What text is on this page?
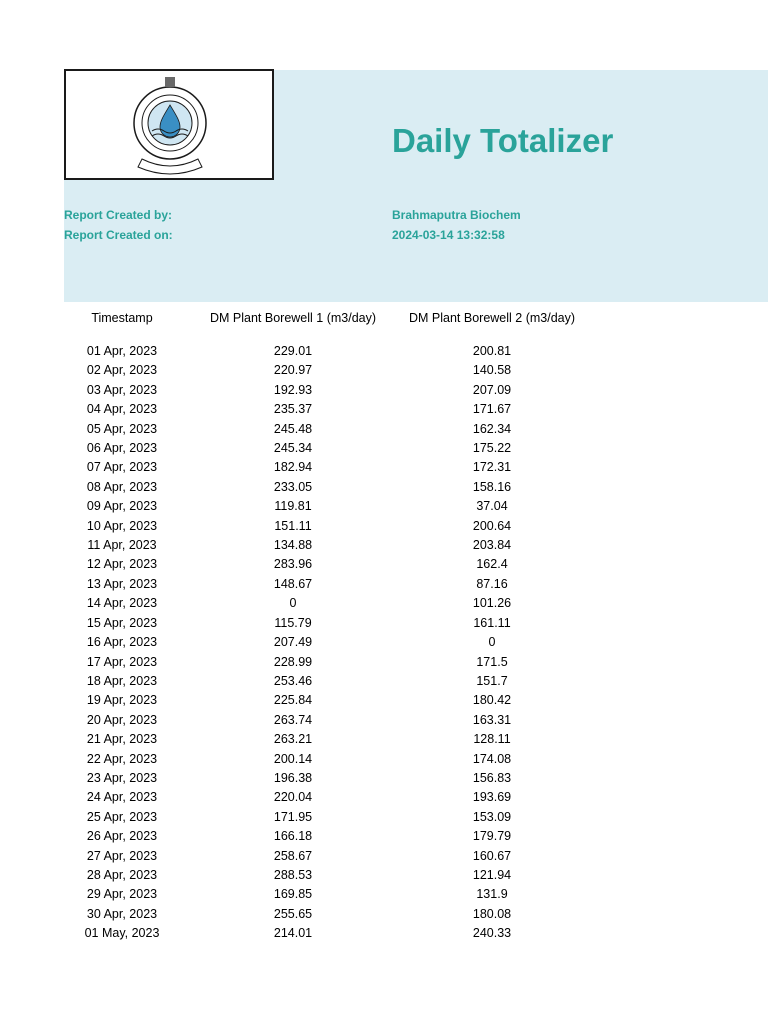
Daily Totalizer
Report Created by:	Brahmaputra Biochem
Report Created on:	2024-03-14 13:32:58
Timestamp	DM Plant Borewell 1 (m3/day)	DM Plant Borewell 2 (m3/day)
01 Apr, 2023	229.01	200.81
02 Apr, 2023	220.97	140.58
03 Apr, 2023	192.93	207.09
04 Apr, 2023	235.37	171.67
05 Apr, 2023	245.48	162.34
06 Apr, 2023	245.34	175.22
07 Apr, 2023	182.94	172.31
08 Apr, 2023	233.05	158.16
09 Apr, 2023	119.81	37.04
10 Apr, 2023	151.11	200.64
11 Apr, 2023	134.88	203.84
12 Apr, 2023	283.96	162.4
13 Apr, 2023	148.67	87.16
14 Apr, 2023	0	101.26
15 Apr, 2023	115.79	161.11
16 Apr, 2023	207.49	0
17 Apr, 2023	228.99	171.5
18 Apr, 2023	253.46	151.7
19 Apr, 2023	225.84	180.42
20 Apr, 2023	263.74	163.31
21 Apr, 2023	263.21	128.11
22 Apr, 2023	200.14	174.08
23 Apr, 2023	196.38	156.83
24 Apr, 2023	220.04	193.69
25 Apr, 2023	171.95	153.09
26 Apr, 2023	166.18	179.79
27 Apr, 2023	258.67	160.67
28 Apr, 2023	288.53	121.94
29 Apr, 2023	169.85	131.9
30 Apr, 2023	255.65	180.08
01 May, 2023	214.01	240.33
